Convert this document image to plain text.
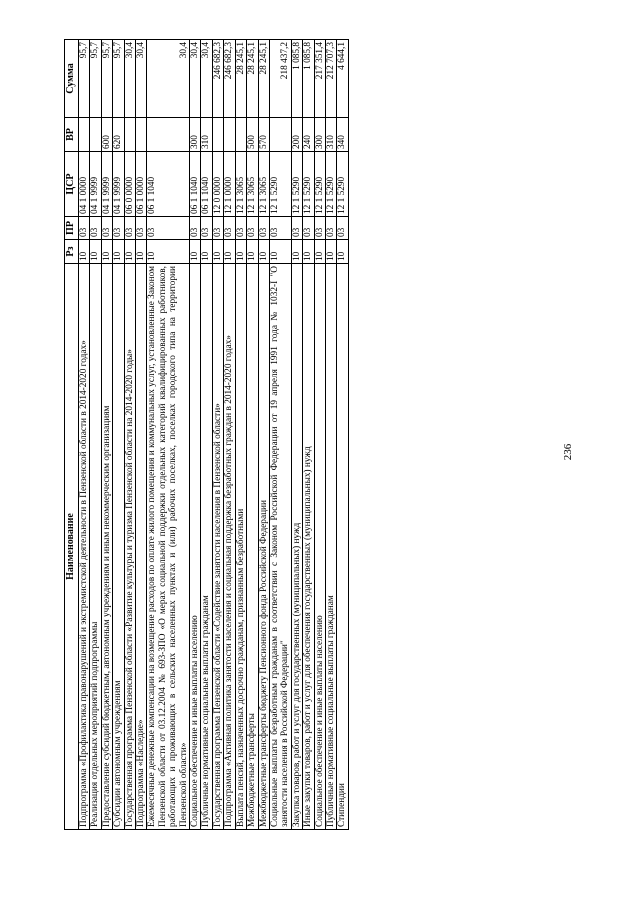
236
Наименование	Рз	ПР	ЦСР	ВР	Сумма
Подпрограмма «Профилактика правонарушений и экстремистской деятельности в Пензенской области в 2014-2020 годах»	10	03	04 1 0000		95,7
Реализация отдельных мероприятий подпрограммы	10	03	04 1 9999		95,7
Предоставление субсидий бюджетным, автономным учреждениям и иным некоммерческим организациям	10	03	04 1 9999	600	95,7
Субсидии автономным учреждениям	10	03	04 1 9999	620	95,7
Государственная программа Пензенской области «Развитие культуры и туризма Пензенской области на 2014-2020 годы»	10	03	06 0 0000		30,4
Подпрограмма «Наследие»	10	03	06 1 0000		30,4
Ежемесячные денежные компенсации на возмещение расходов по оплате жилого помещения и коммунальных услуг, установленные Законом Пензенской области от 03.12.2004 № 693-ЗПО «О мерах социальной поддержки отдельных категорий квалифицированных работников, работающих и проживающих в сельских населенных пунктах и (или) рабочих поселках, поселках городского типа на территории Пензенской области»	10	03	06 1 1040		30,4
Социальное обеспечение и иные выплаты населению	10	03	06 1 1040	300	30,4
Публичные нормативные социальные выплаты гражданам	10	03	06 1 1040	310	30,4
Государственная программа Пензенской области «Содействие занятости населения в Пензенской области»	10	03	12 0 0000		246 682,3
Подпрограмма «Активная политика занятости населения и социальная поддержка безработных граждан в 2014-2020 годах»	10	03	12 1 0000		246 682,3
Выплата пенсий, назначенных досрочно гражданам, признанным безработными	10	03	12 1 3065		28 245,1
Межбюджетные трансферты	10	03	12 1 3065	500	28 245,1
Межбюджетные трансферты бюджету Пенсионного фонда Российской Федерации	10	03	12 1 3065	570	28 245,1
Социальные выплаты безработным гражданам в соответствии с Законом Российской Федерации от 19 апреля 1991 года № 1032-I "О занятости населения в Российской Федерации"	10	03	12 1 5290		218 437,2
Закупка товаров, работ и услуг для государственных (муниципальных) нужд	10	03	12 1 5290	200	1 085,8
Иные закупки товаров, работ и услуг для обеспечения государственных (муниципальных) нужд	10	03	12 1 5290	240	1 085,8
Социальное обеспечение и иные выплаты населению	10	03	12 1 5290	300	217 351,4
Публичные нормативные социальные выплаты гражданам	10	03	12 1 5290	310	212 707,3
Стипендии	10	03	12 1 5290	340	4 644,1
